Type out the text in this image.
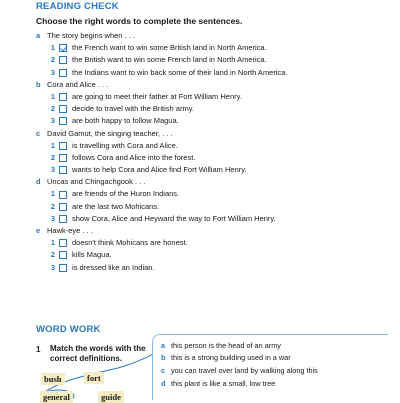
READING CHECK
Choose the right words to complete the sentences.
a The story begins when . . .
1 the French want to win some British land in North America.
2 the British want to win some French land in North America.
3 the Indians want to win back some of their land in North America.
b Cora and Alice . . .
1 are going to meet their father at Fort William Henry.
2 decide to travel with the British army.
3 are both happy to follow Magua.
c David Gamut, the singing teacher, . . .
1 is travelling with Cora and Alice.
2 follows Cora and Alice into the forest.
3 wants to help Cora and Alice find Fort William Henry.
d Uncas and Chingachgook . . .
1 are friends of the Huron Indians.
2 are the last two Mohicans.
3 show Cora, Alice and Heyward the way to Fort William Henry.
e Hawk-eye . . .
1 doesn't think Mohicans are honest.
2 kills Magua.
3 is dressed like an Indian.
WORD WORK
1 Match the words with the correct definitions.
bush	fort
general	guide
a this person is the head of an army
b this is a strong building used in a war
c you can travel over land by walking along this
d this plant is like a small, low tree
